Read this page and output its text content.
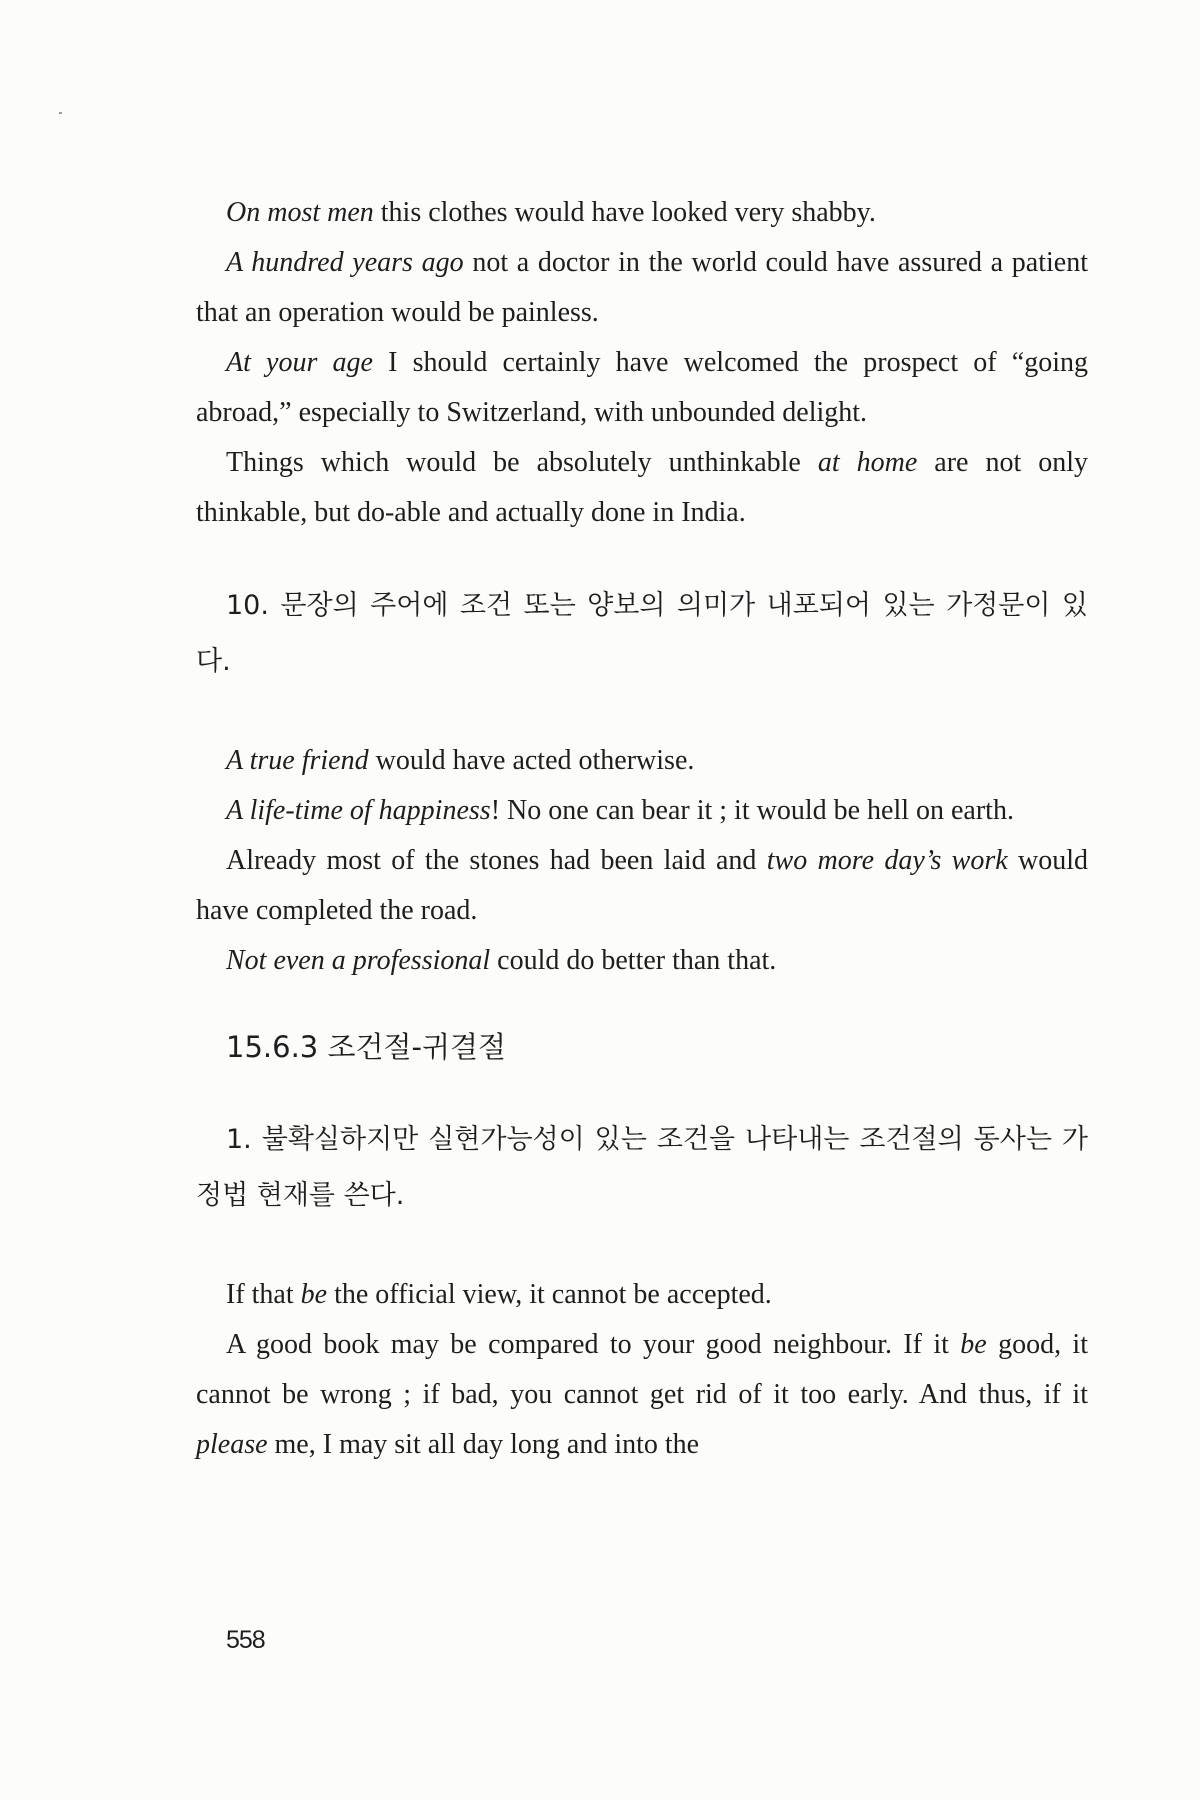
On most men this clothes would have looked very shabby.

A hundred years ago not a doctor in the world could have assured a patient that an operation would be painless.

At your age I should certainly have welcomed the prospect of “going abroad,” especially to Switzerland, with unbounded delight.

Things which would be absolutely unthinkable at home are not only thinkable, but do-able and actually done in India.

10. 문장의 주어에 조건 또는 양보의 의미가 내포되어 있는 가정문이 있다.

A true friend would have acted otherwise.

A life-time of happiness! No one can bear it ; it would be hell on earth.

Already most of the stones had been laid and two more day’s work would have completed the road.

Not even a professional could do better than that.

15.6.3 조건절-귀결절

1. 불확실하지만 실현가능성이 있는 조건을 나타내는 조건절의 동사는 가정법 현재를 쓴다.

If that be the official view, it cannot be accepted.

A good book may be compared to your good neighbour. If it be good, it cannot be wrong ; if bad, you cannot get rid of it too early. And thus, if it please me, I may sit all day long and into the

558
